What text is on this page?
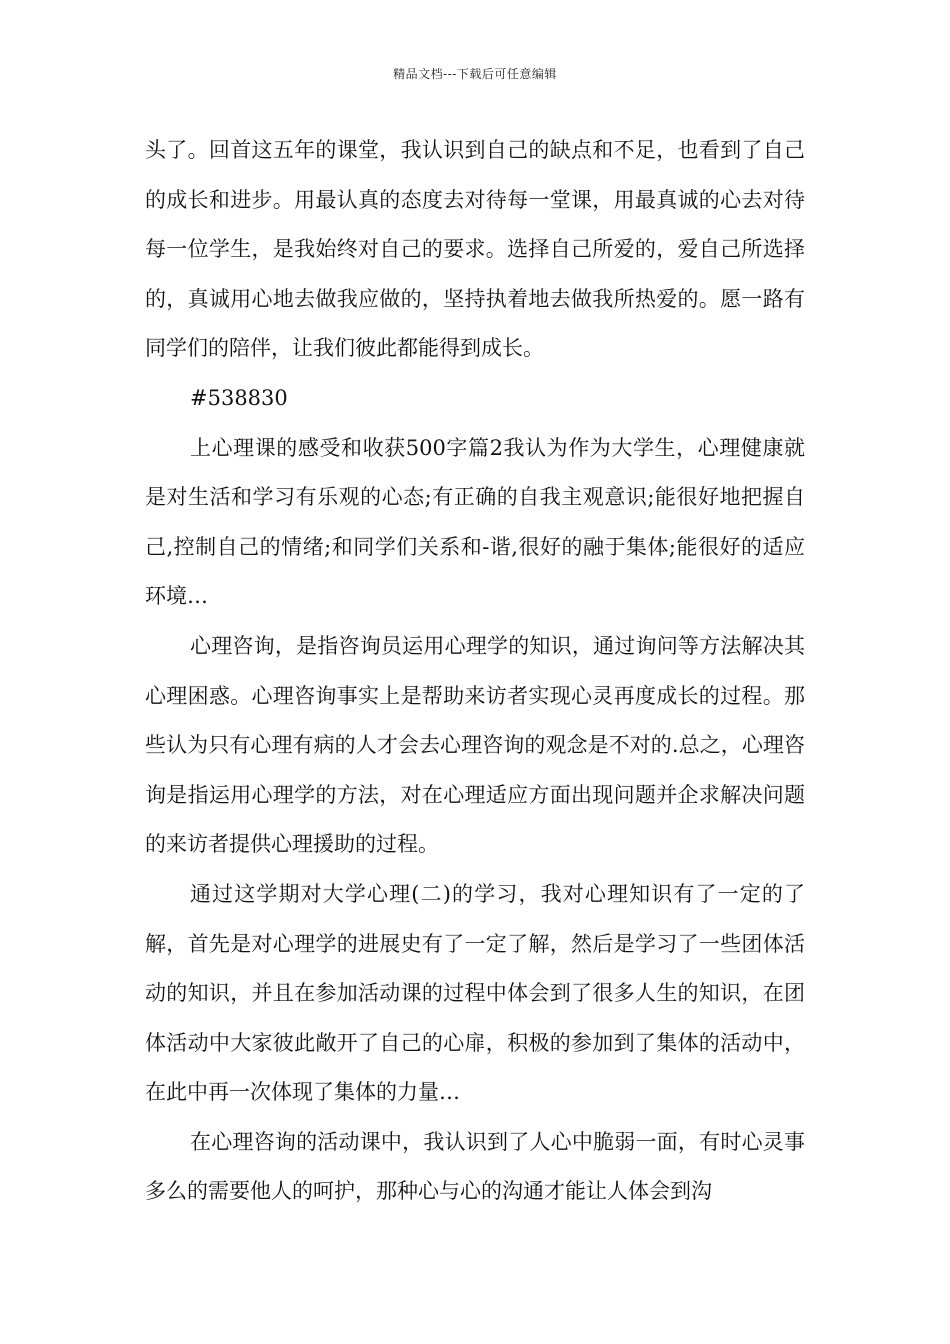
精品文档---下载后可任意编辑

头了。回首这五年的课堂，我认识到自己的缺点和不足，也看到了自己的成长和进步。用最认真的态度去对待每一堂课，用最真诚的心去对待每一位学生，是我始终对自己的要求。选择自己所爱的，爱自己所选择的，真诚用心地去做我应做的，坚持执着地去做我所热爱的。愿一路有同学们的陪伴，让我们彼此都能得到成长。

#538830

上心理课的感受和收获500字篇2我认为作为大学生，心理健康就是对生活和学习有乐观的心态;有正确的自我主观意识;能很好地把握自己,控制自己的情绪;和同学们关系和-谐,很好的融于集体;能很好的适应环境…

心理咨询，是指咨询员运用心理学的知识，通过询问等方法解决其心理困惑。心理咨询事实上是帮助来访者实现心灵再度成长的过程。那些认为只有心理有病的人才会去心理咨询的观念是不对的.总之，心理咨询是指运用心理学的方法，对在心理适应方面出现问题并企求解决问题的来访者提供心理援助的过程。

通过这学期对大学心理(二)的学习，我对心理知识有了一定的了解，首先是对心理学的进展史有了一定了解，然后是学习了一些团体活动的知识，并且在参加活动课的过程中体会到了很多人生的知识，在团体活动中大家彼此敞开了自己的心扉，积极的参加到了集体的活动中，在此中再一次体现了集体的力量…

在心理咨询的活动课中，我认识到了人心中脆弱一面，有时心灵事多么的需要他人的呵护，那种心与心的沟通才能让人体会到沟
